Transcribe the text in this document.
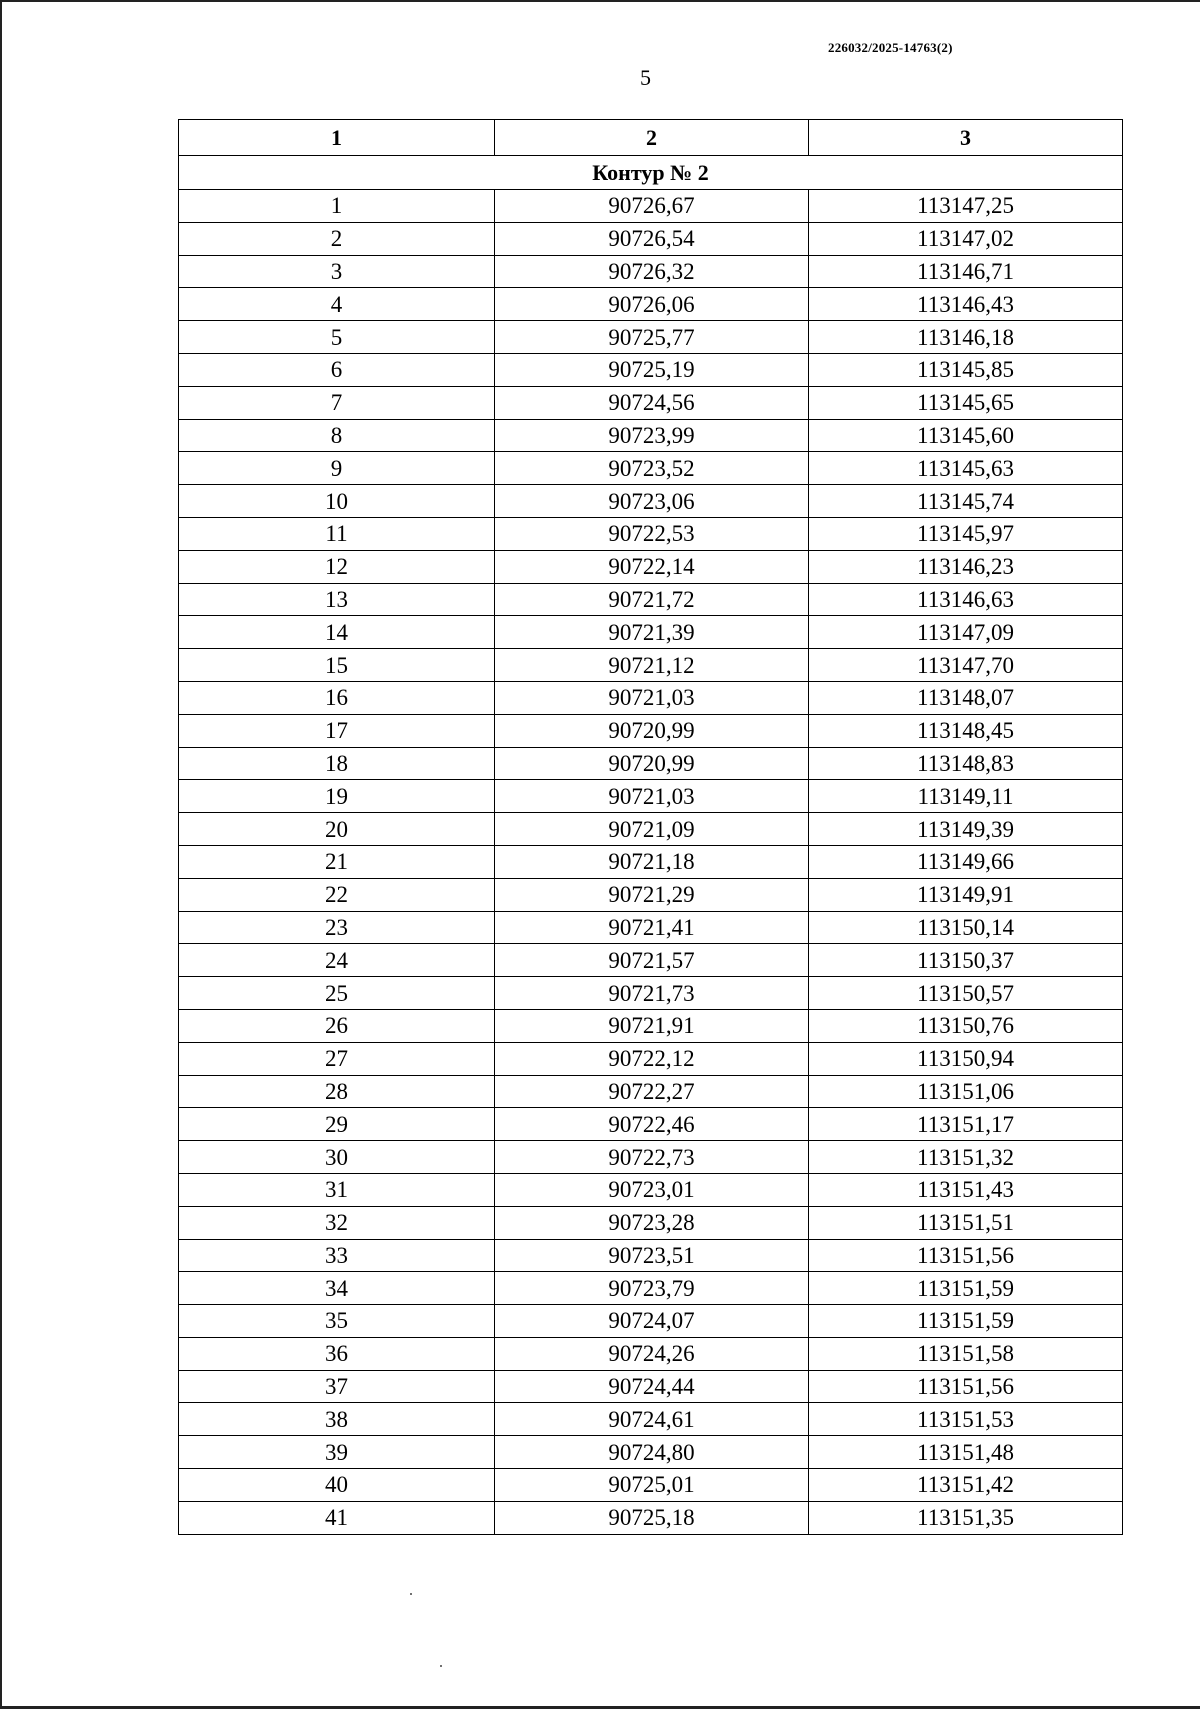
226032/2025-14763(2)
5
1	2	3
Контур № 2		
1	90726,67	113147,25
2	90726,54	113147,02
3	90726,32	113146,71
4	90726,06	113146,43
5	90725,77	113146,18
6	90725,19	113145,85
7	90724,56	113145,65
8	90723,99	113145,60
9	90723,52	113145,63
10	90723,06	113145,74
11	90722,53	113145,97
12	90722,14	113146,23
13	90721,72	113146,63
14	90721,39	113147,09
15	90721,12	113147,70
16	90721,03	113148,07
17	90720,99	113148,45
18	90720,99	113148,83
19	90721,03	113149,11
20	90721,09	113149,39
21	90721,18	113149,66
22	90721,29	113149,91
23	90721,41	113150,14
24	90721,57	113150,37
25	90721,73	113150,57
26	90721,91	113150,76
27	90722,12	113150,94
28	90722,27	113151,06
29	90722,46	113151,17
30	90722,73	113151,32
31	90723,01	113151,43
32	90723,28	113151,51
33	90723,51	113151,56
34	90723,79	113151,59
35	90724,07	113151,59
36	90724,26	113151,58
37	90724,44	113151,56
38	90724,61	113151,53
39	90724,80	113151,48
40	90725,01	113151,42
41	90725,18	113151,35
